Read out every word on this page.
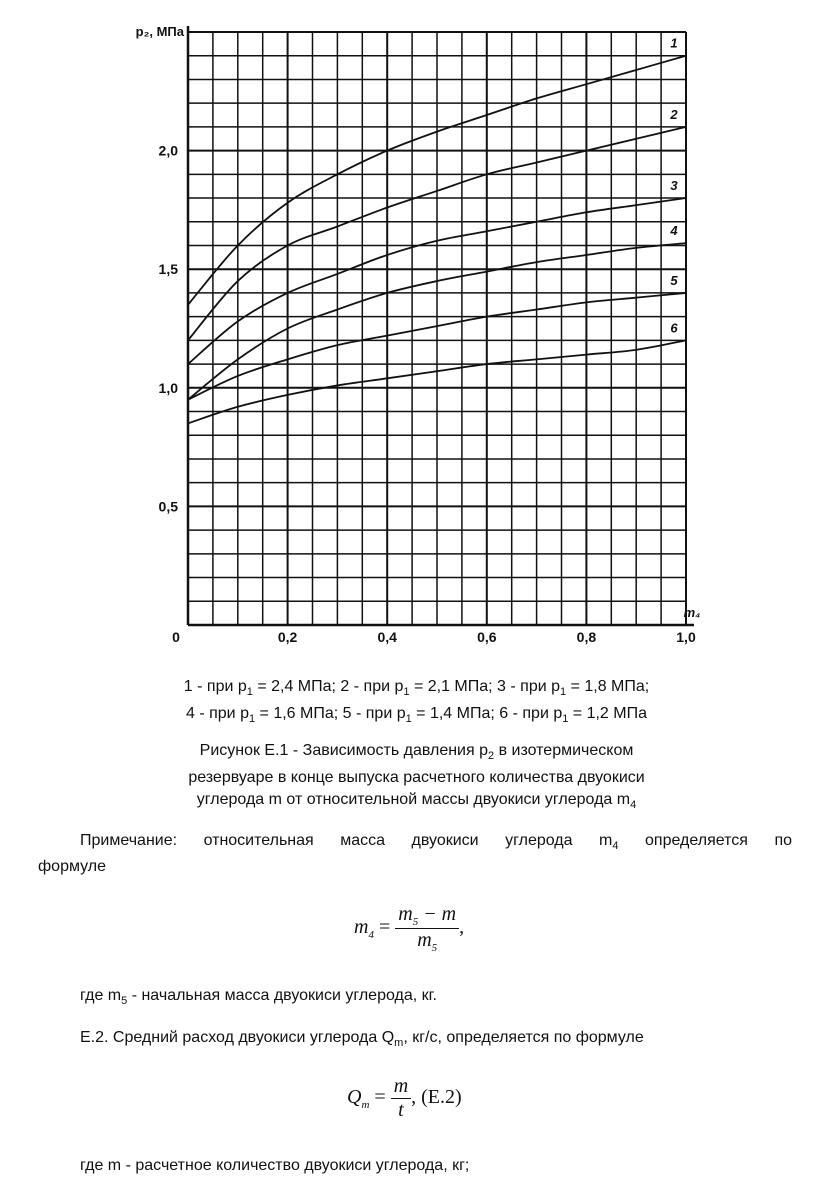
1
2
3
4
5
6
0,5
1,0
1,5
2,0
0,2	0,4	0,6	0,8	1,0
0
p₂, МПа
m₄
1 - при $p_1 = 2,4$ МПа; 2 - при $p_1 = 2,1$ МПа; 3 - при $p_1 = 1,8$ МПа;
4 - при $p_1 = 1,6$ МПа; 5 - при $p_1 = 1,4$ МПа; 6 - при $p_1 = 1,2$ МПа
Рисунок Е.1 - Зависимость давления $p_2$ в изотермическом
резервуаре в конце выпуска расчетного количества двуокиси
углерода m от относительной массы двуокиси углерода $m_4$
Примечание: относительная масса двуокиси углерода $m_4$ определяется по
формуле
$m_4 = \frac{m_5 - m}{m_5}$ ,
где $m_5$ - начальная масса двуокиси углерода, кг.
Е.2. Средний расход двуокиси углерода $Q_m$, кг/с, определяется по формуле
$Q_m = \frac{m}{t}$ , (Е.2)
где m - расчетное количество двуокиси углерода, кг;
